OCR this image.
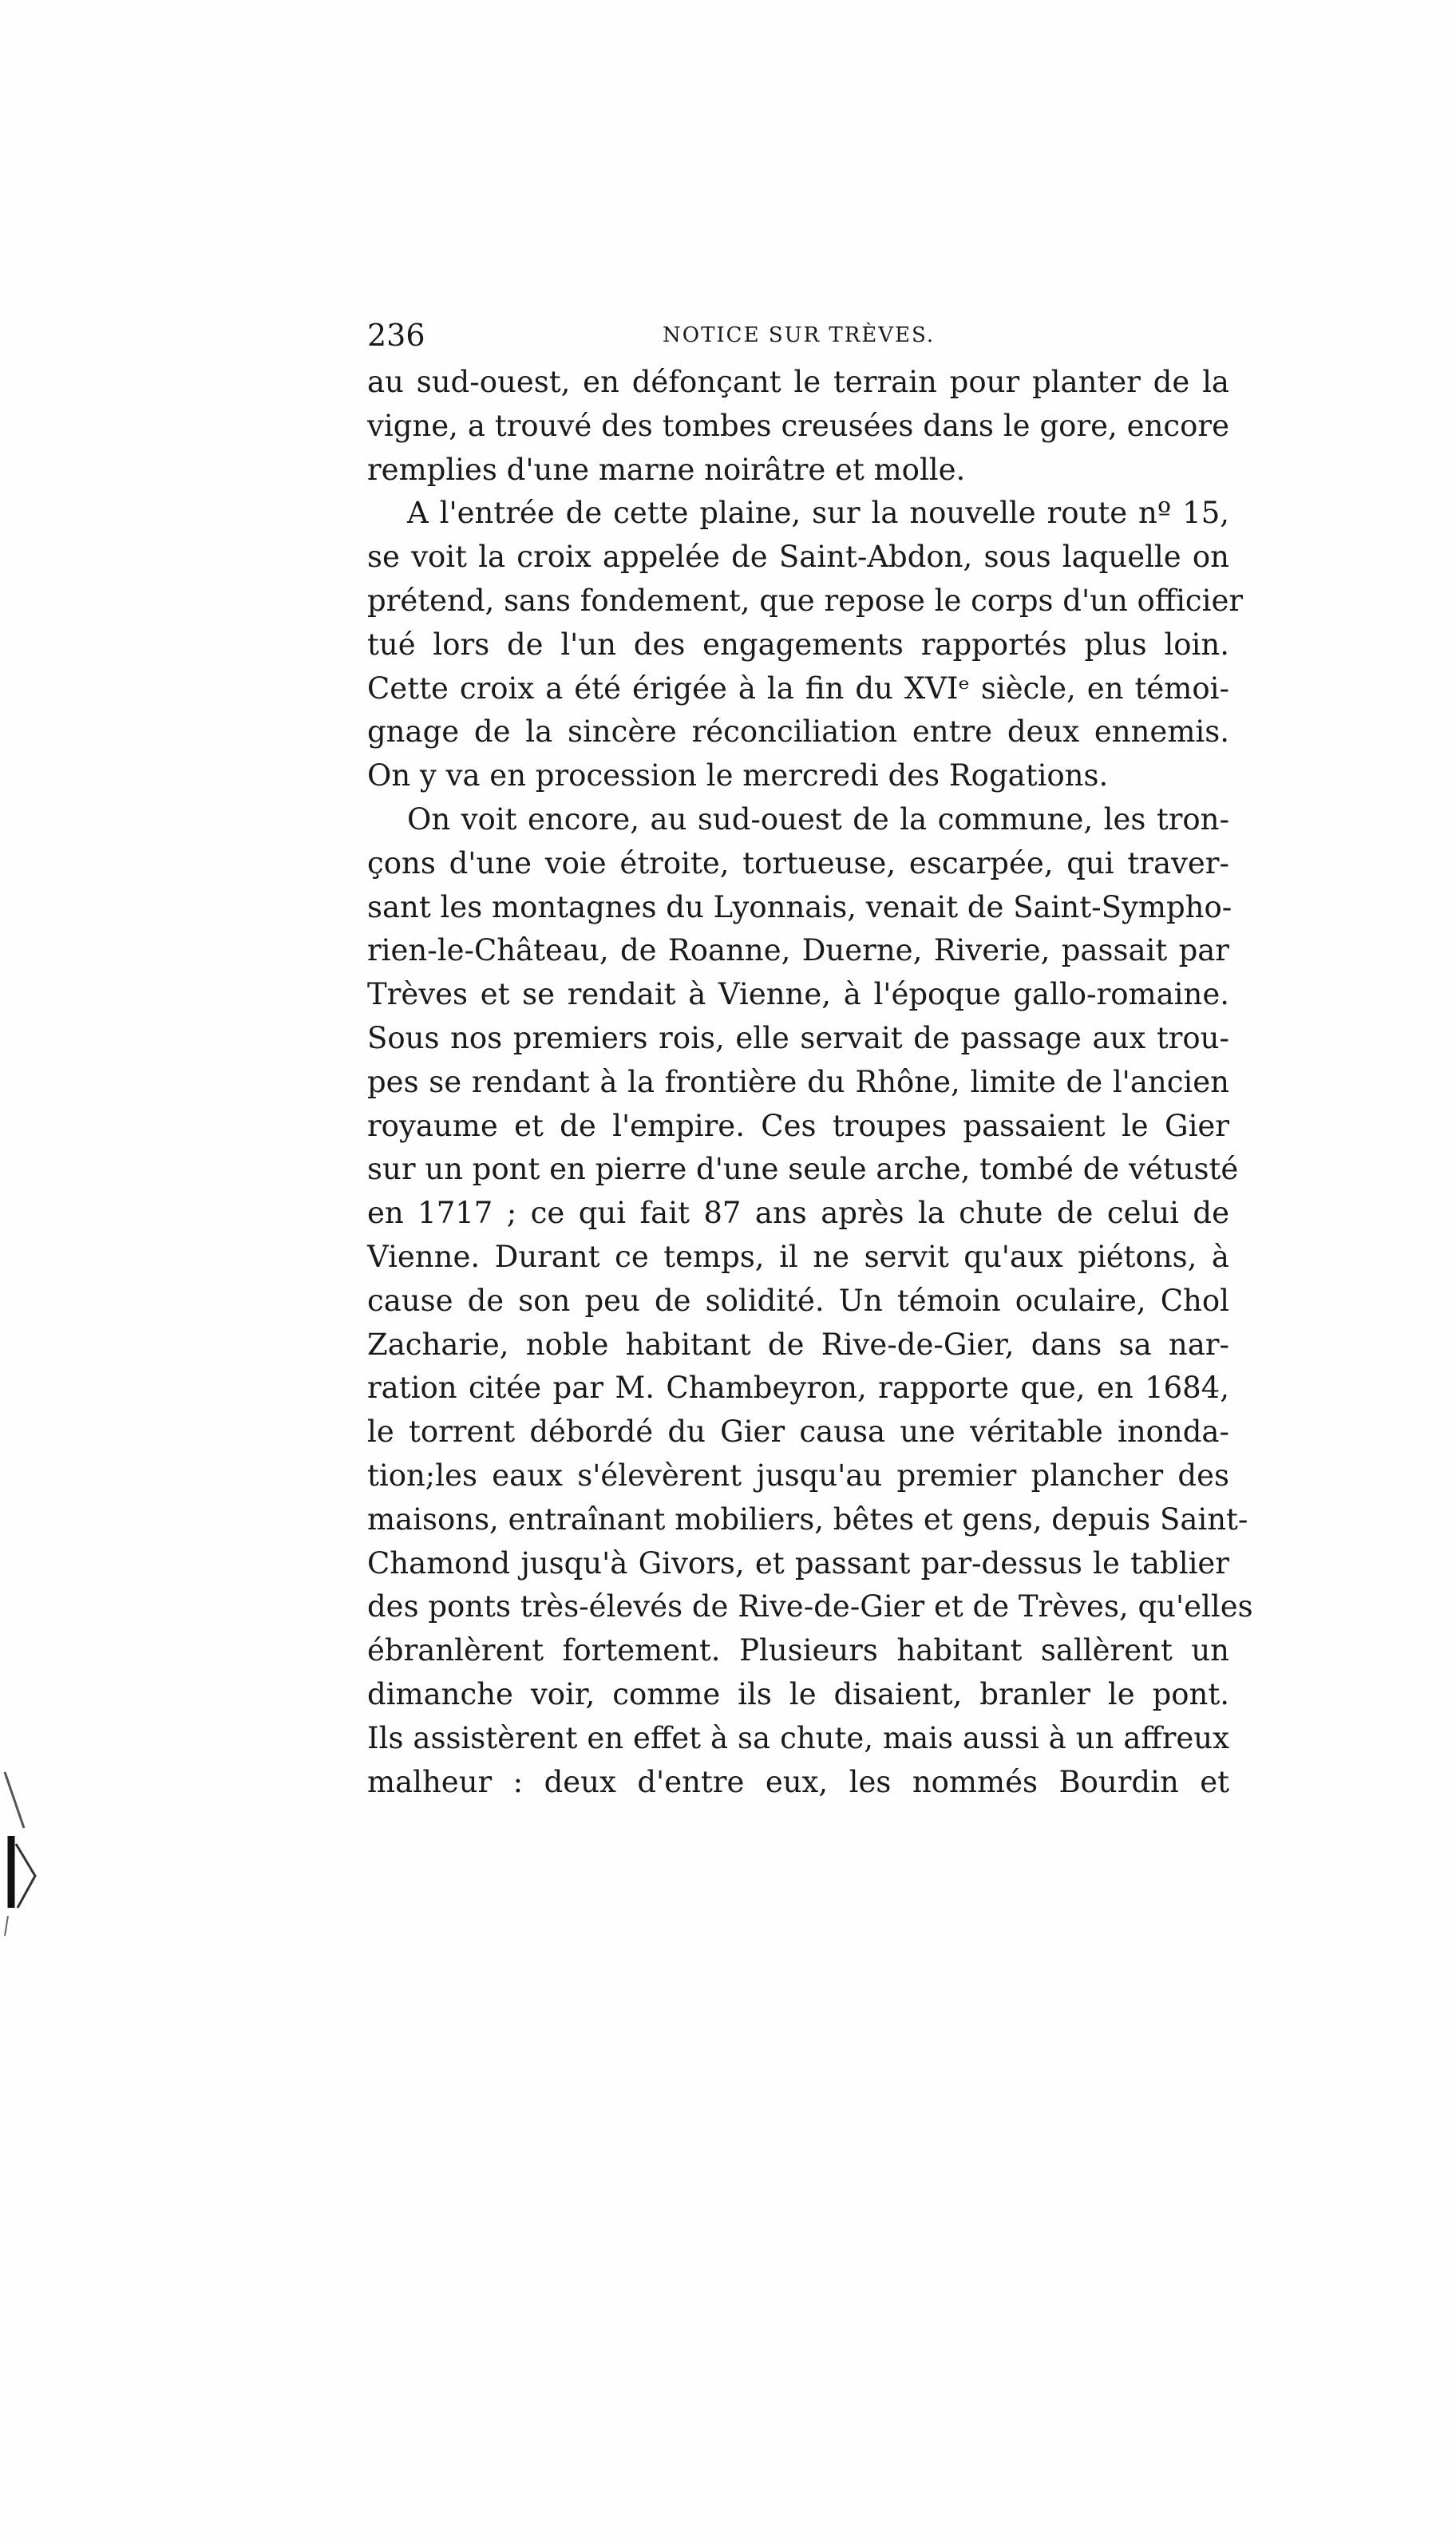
236	NOTICE SUR TRÈVES.
au sud-ouest, en défonçant le terrain pour planter de la
vigne, a trouvé des tombes creusées dans le gore, encore
remplies d'une marne noirâtre et molle.
A l'entrée de cette plaine, sur la nouvelle route nº 15,
se voit la croix appelée de Saint-Abdon, sous laquelle on
prétend, sans fondement, que repose le corps d'un officier
tué lors de l'un des engagements rapportés plus loin.
Cette croix a été érigée à la fin du XVIᵉ siècle, en témoi-
gnage de la sincère réconciliation entre deux ennemis.
On y va en procession le mercredi des Rogations.
On voit encore, au sud-ouest de la commune, les tron-
çons d'une voie étroite, tortueuse, escarpée, qui traver-
sant les montagnes du Lyonnais, venait de Saint-Sympho-
rien-le-Château, de Roanne, Duerne, Riverie, passait par
Trèves et se rendait à Vienne, à l'époque gallo-romaine.
Sous nos premiers rois, elle servait de passage aux trou-
pes se rendant à la frontière du Rhône, limite de l'ancien
royaume et de l'empire. Ces troupes passaient le Gier
sur un pont en pierre d'une seule arche, tombé de vétusté
en 1717 ; ce qui fait 87 ans après la chute de celui de
Vienne. Durant ce temps, il ne servit qu'aux piétons, à
cause de son peu de solidité. Un témoin oculaire, Chol
Zacharie, noble habitant de Rive-de-Gier, dans sa nar-
ration citée par M. Chambeyron, rapporte que, en 1684,
le torrent débordé du Gier causa une véritable inonda-
tion;les eaux s'élevèrent jusqu'au premier plancher des
maisons, entraînant mobiliers, bêtes et gens, depuis Saint-
Chamond jusqu'à Givors, et passant par-dessus le tablier
des ponts très-élevés de Rive-de-Gier et de Trèves, qu'elles
ébranlèrent fortement. Plusieurs habitant sallèrent un
dimanche voir, comme ils le disaient, branler le pont.
Ils assistèrent en effet à sa chute, mais aussi à un affreux
malheur : deux d'entre eux, les nommés Bourdin et
